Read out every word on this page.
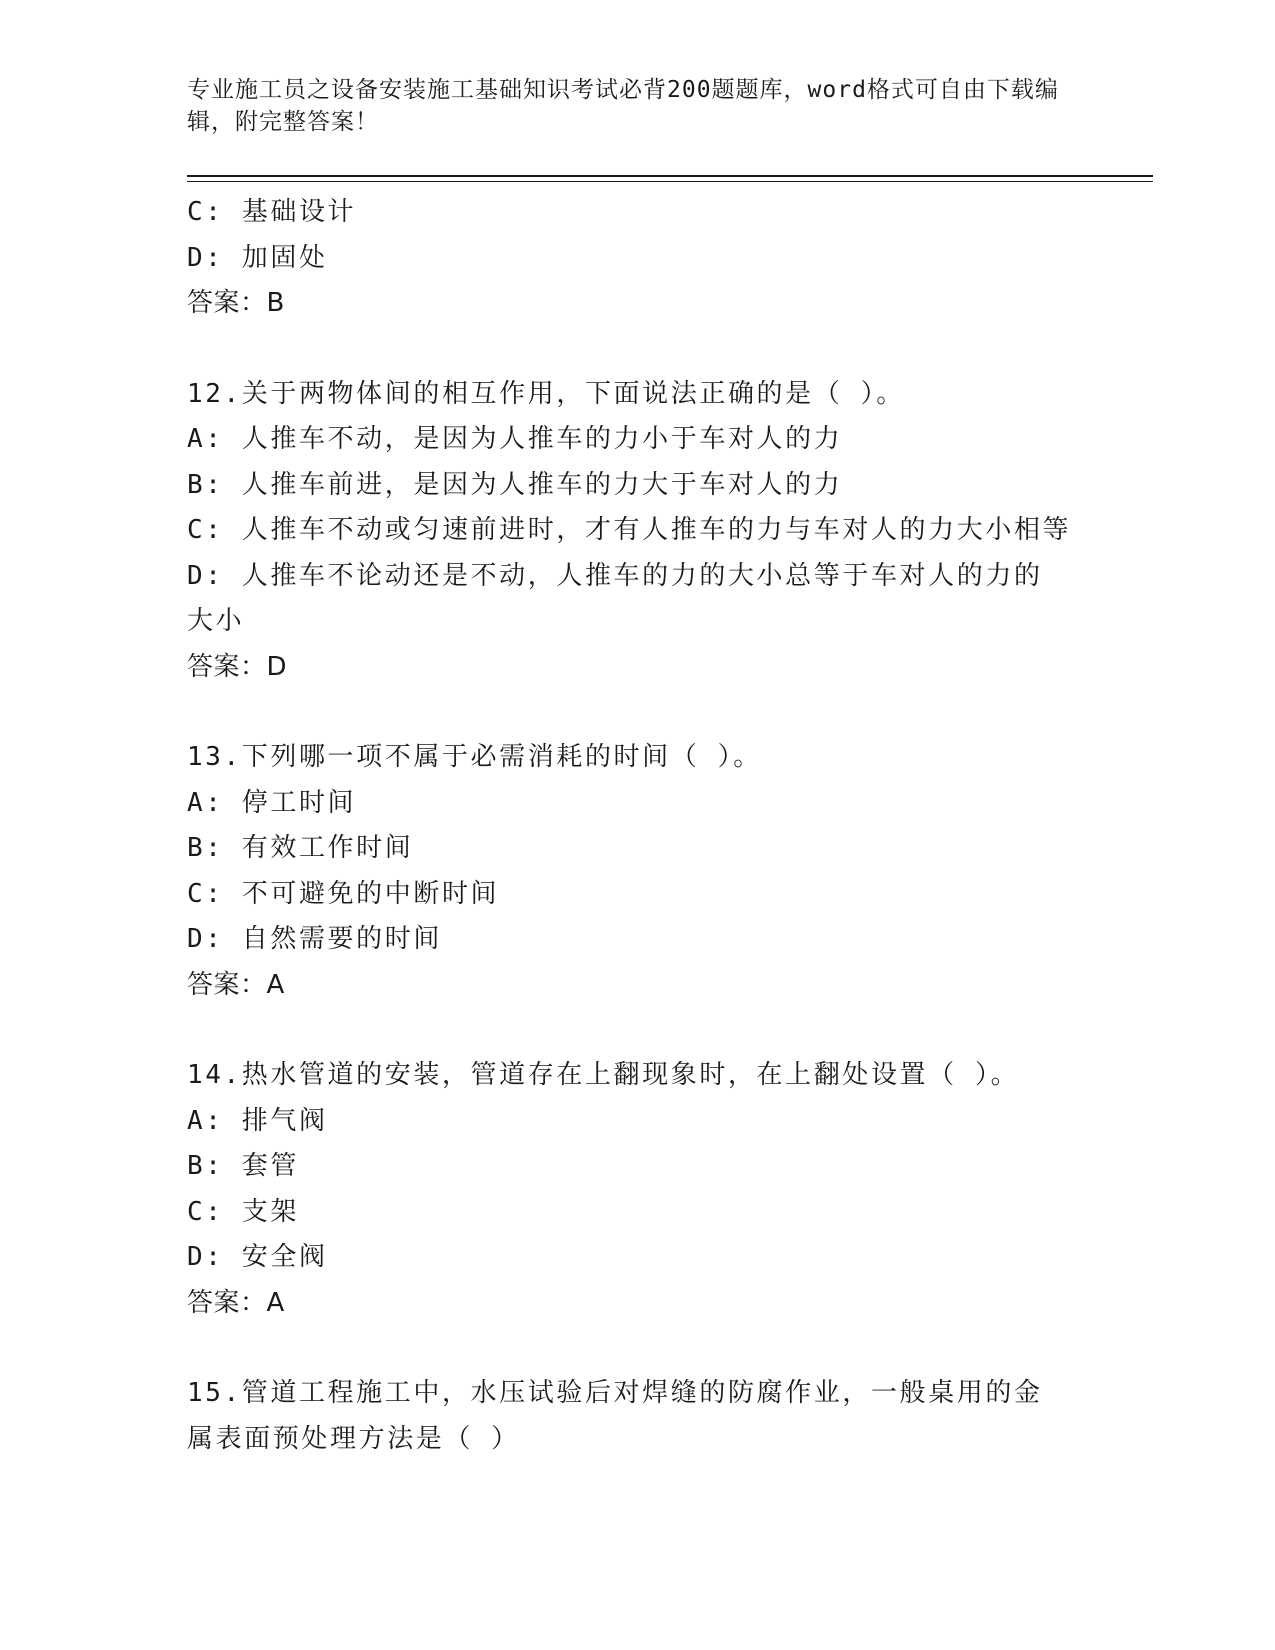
专业施工员之设备安装施工基础知识考试必背200题题库，word格式可自由下载编辑，附完整答案！
C: 基础设计
D: 加固处
答案：B
12.关于两物体间的相互作用，下面说法正确的是（ ）。
A: 人推车不动，是因为人推车的力小于车对人的力
B: 人推车前进，是因为人推车的力大于车对人的力
C: 人推车不动或匀速前进时，才有人推车的力与车对人的力大小相等
D: 人推车不论动还是不动，人推车的力的大小总等于车对人的力的大小
答案：D
13.下列哪一项不属于必需消耗的时间（ ）。
A: 停工时间
B: 有效工作时间
C: 不可避免的中断时间
D: 自然需要的时间
答案：A
14.热水管道的安装，管道存在上翻现象时，在上翻处设置（ ）。
A: 排气阀
B: 套管
C: 支架
D: 安全阀
答案：A
15.管道工程施工中，水压试验后对焊缝的防腐作业，一般桌用的金属表面预处理方法是（ ）
